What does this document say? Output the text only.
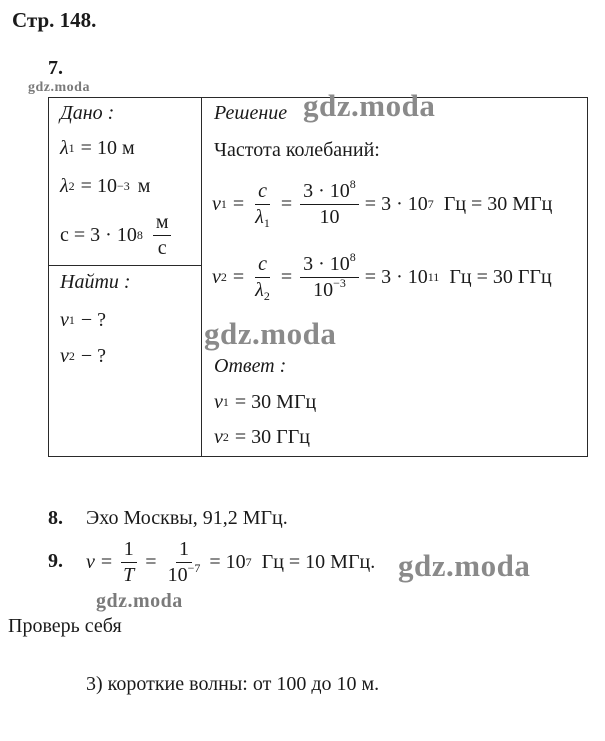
Стр. 148.
7.
gdz.moda
Дано :
λ 1 = 10 м
λ 2 = 10 −3 м
c = 3 · 10 $8 \frac{м}{с}$
Найти :
ν 1 − ?
ν 2 − ?
Решение gdz.moda
Частота колебаний:
ν $1 = \frac{c}{\lambda_1} = \frac{3 \cdot 10^8}{10} = 3 \cdot 10$ 7 Гц = 30 МГц
ν $2 = \frac{c}{\lambda_2} = \frac{3 \cdot 10^8}{10^{-3}} = 3 \cdot 10$ 11 Гц = 30 ГГц
gdz.moda
Ответ :
ν 1 = 30 МГц
ν 2 = 30 ГГц
8. Эхо Москвы, 91,2 МГц.
9. $\nu = \frac{1}{T} = \frac{1}{10^{-7}} = 10$ 7 Гц = 10 МГц. gdz.moda
gdz.moda
Проверь себя
3) короткие волны: от 100 до 10 м.
